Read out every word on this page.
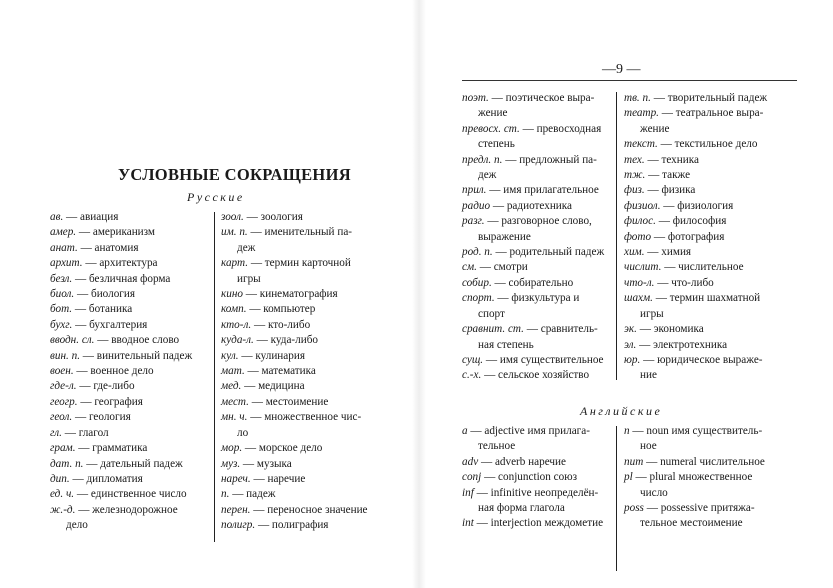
УСЛОВНЫЕ СОКРАЩЕНИЯ
Русские
ав. — авиация
амер. — американизм
анат. — анатомия
архит. — архитектура
безл. — безличная форма
биол. — биология
бот. — ботаника
бухг. — бухгалтерия
вводн. сл. — вводное слово
вин. п. — винительный падеж
воен. — военное дело
где-л. — где-либо
геогр. — география
геол. — геология
гл. — глагол
грам. — грамматика
дат. п. — дательный падеж
дип. — дипломатия
ед. ч. — единственное число
ж.-д. — железнодорожное
дело
зоол. — зоология
им. п. — именительный па-
деж
карт. — термин карточной
игры
кино — кинематография
комп. — компьютер
кто-л. — кто-либо
куда-л. — куда-либо
кул. — кулинария
мат. — математика
мед. — медицина
мест. — местоимение
мн. ч. — множественное чис-
ло
мор. — морское дело
муз. — музыка
нареч. — наречие
п. — падеж
перен. — переносное значение
полигр. — полиграфия
—9 —
поэт. — поэтическое выра-
жение
превосх. ст. — превосходная
степень
предл. п. — предложный па-
деж
прил. — имя прилагательное
радио — радиотехника
разг. — разговорное слово,
выражение
род. п. — родительный падеж
см. — смотри
собир. — собирательно
спорт. — физкультура и
спорт
сравнит. ст. — сравнитель-
ная степень
сущ. — имя существительное
с.-х. — сельское хозяйство
тв. п. — творительный падеж
театр. — театральное выра-
жение
текст. — текстильное дело
тех. — техника
тж. — также
физ. — физика
физиол. — физиология
филос. — философия
фото — фотография
хим. — химия
числит. — числительное
что-л. — что-либо
шахм. — термин шахматной
игры
эк. — экономика
эл. — электротехника
юр. — юридическое выраже-
ние
Английские
a — adjective имя прилага-
тельное
adv — adverb наречие
conj — conjunction союз
inf — infinitive неопределён-
ная форма глагола
int — interjection междометие
n — noun имя существитель-
ное
num — numeral числительное
pl — plural множественное
число
poss — possessive притяжа-
тельное местоимение
